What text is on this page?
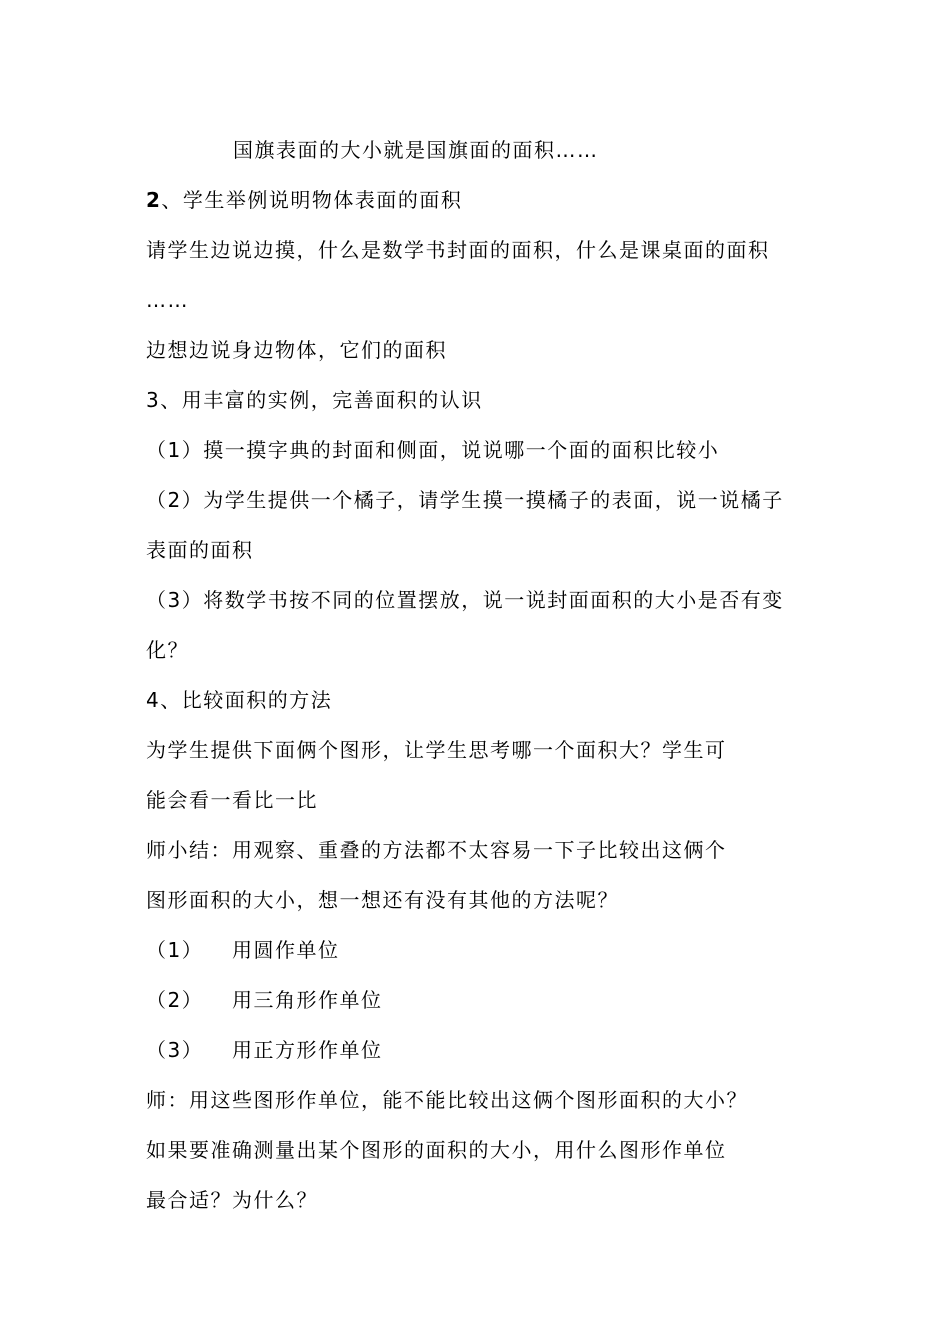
国旗表面的大小就是国旗面的面积……
2、学生举例说明物体表面的面积
请学生边说边摸，什么是数学书封面的面积，什么是课桌面的面积
……
边想边说身边物体，它们的面积
3、用丰富的实例，完善面积的认识
（1）摸一摸字典的封面和侧面，说说哪一个面的面积比较小
（2）为学生提供一个橘子，请学生摸一摸橘子的表面，说一说橘子
表面的面积
（3）将数学书按不同的位置摆放，说一说封面面积的大小是否有变
化？
4、比较面积的方法
为学生提供下面俩个图形，让学生思考哪一个面积大？学生可
能会看一看比一比
师小结：用观察、重叠的方法都不太容易一下子比较出这俩个
图形面积的大小，想一想还有没有其他的方法呢？
（1） 用圆作单位
（2） 用三角形作单位
（3） 用正方形作单位
师：用这些图形作单位，能不能比较出这俩个图形面积的大小？
如果要准确测量出某个图形的面积的大小，用什么图形作单位
最合适？为什么？
